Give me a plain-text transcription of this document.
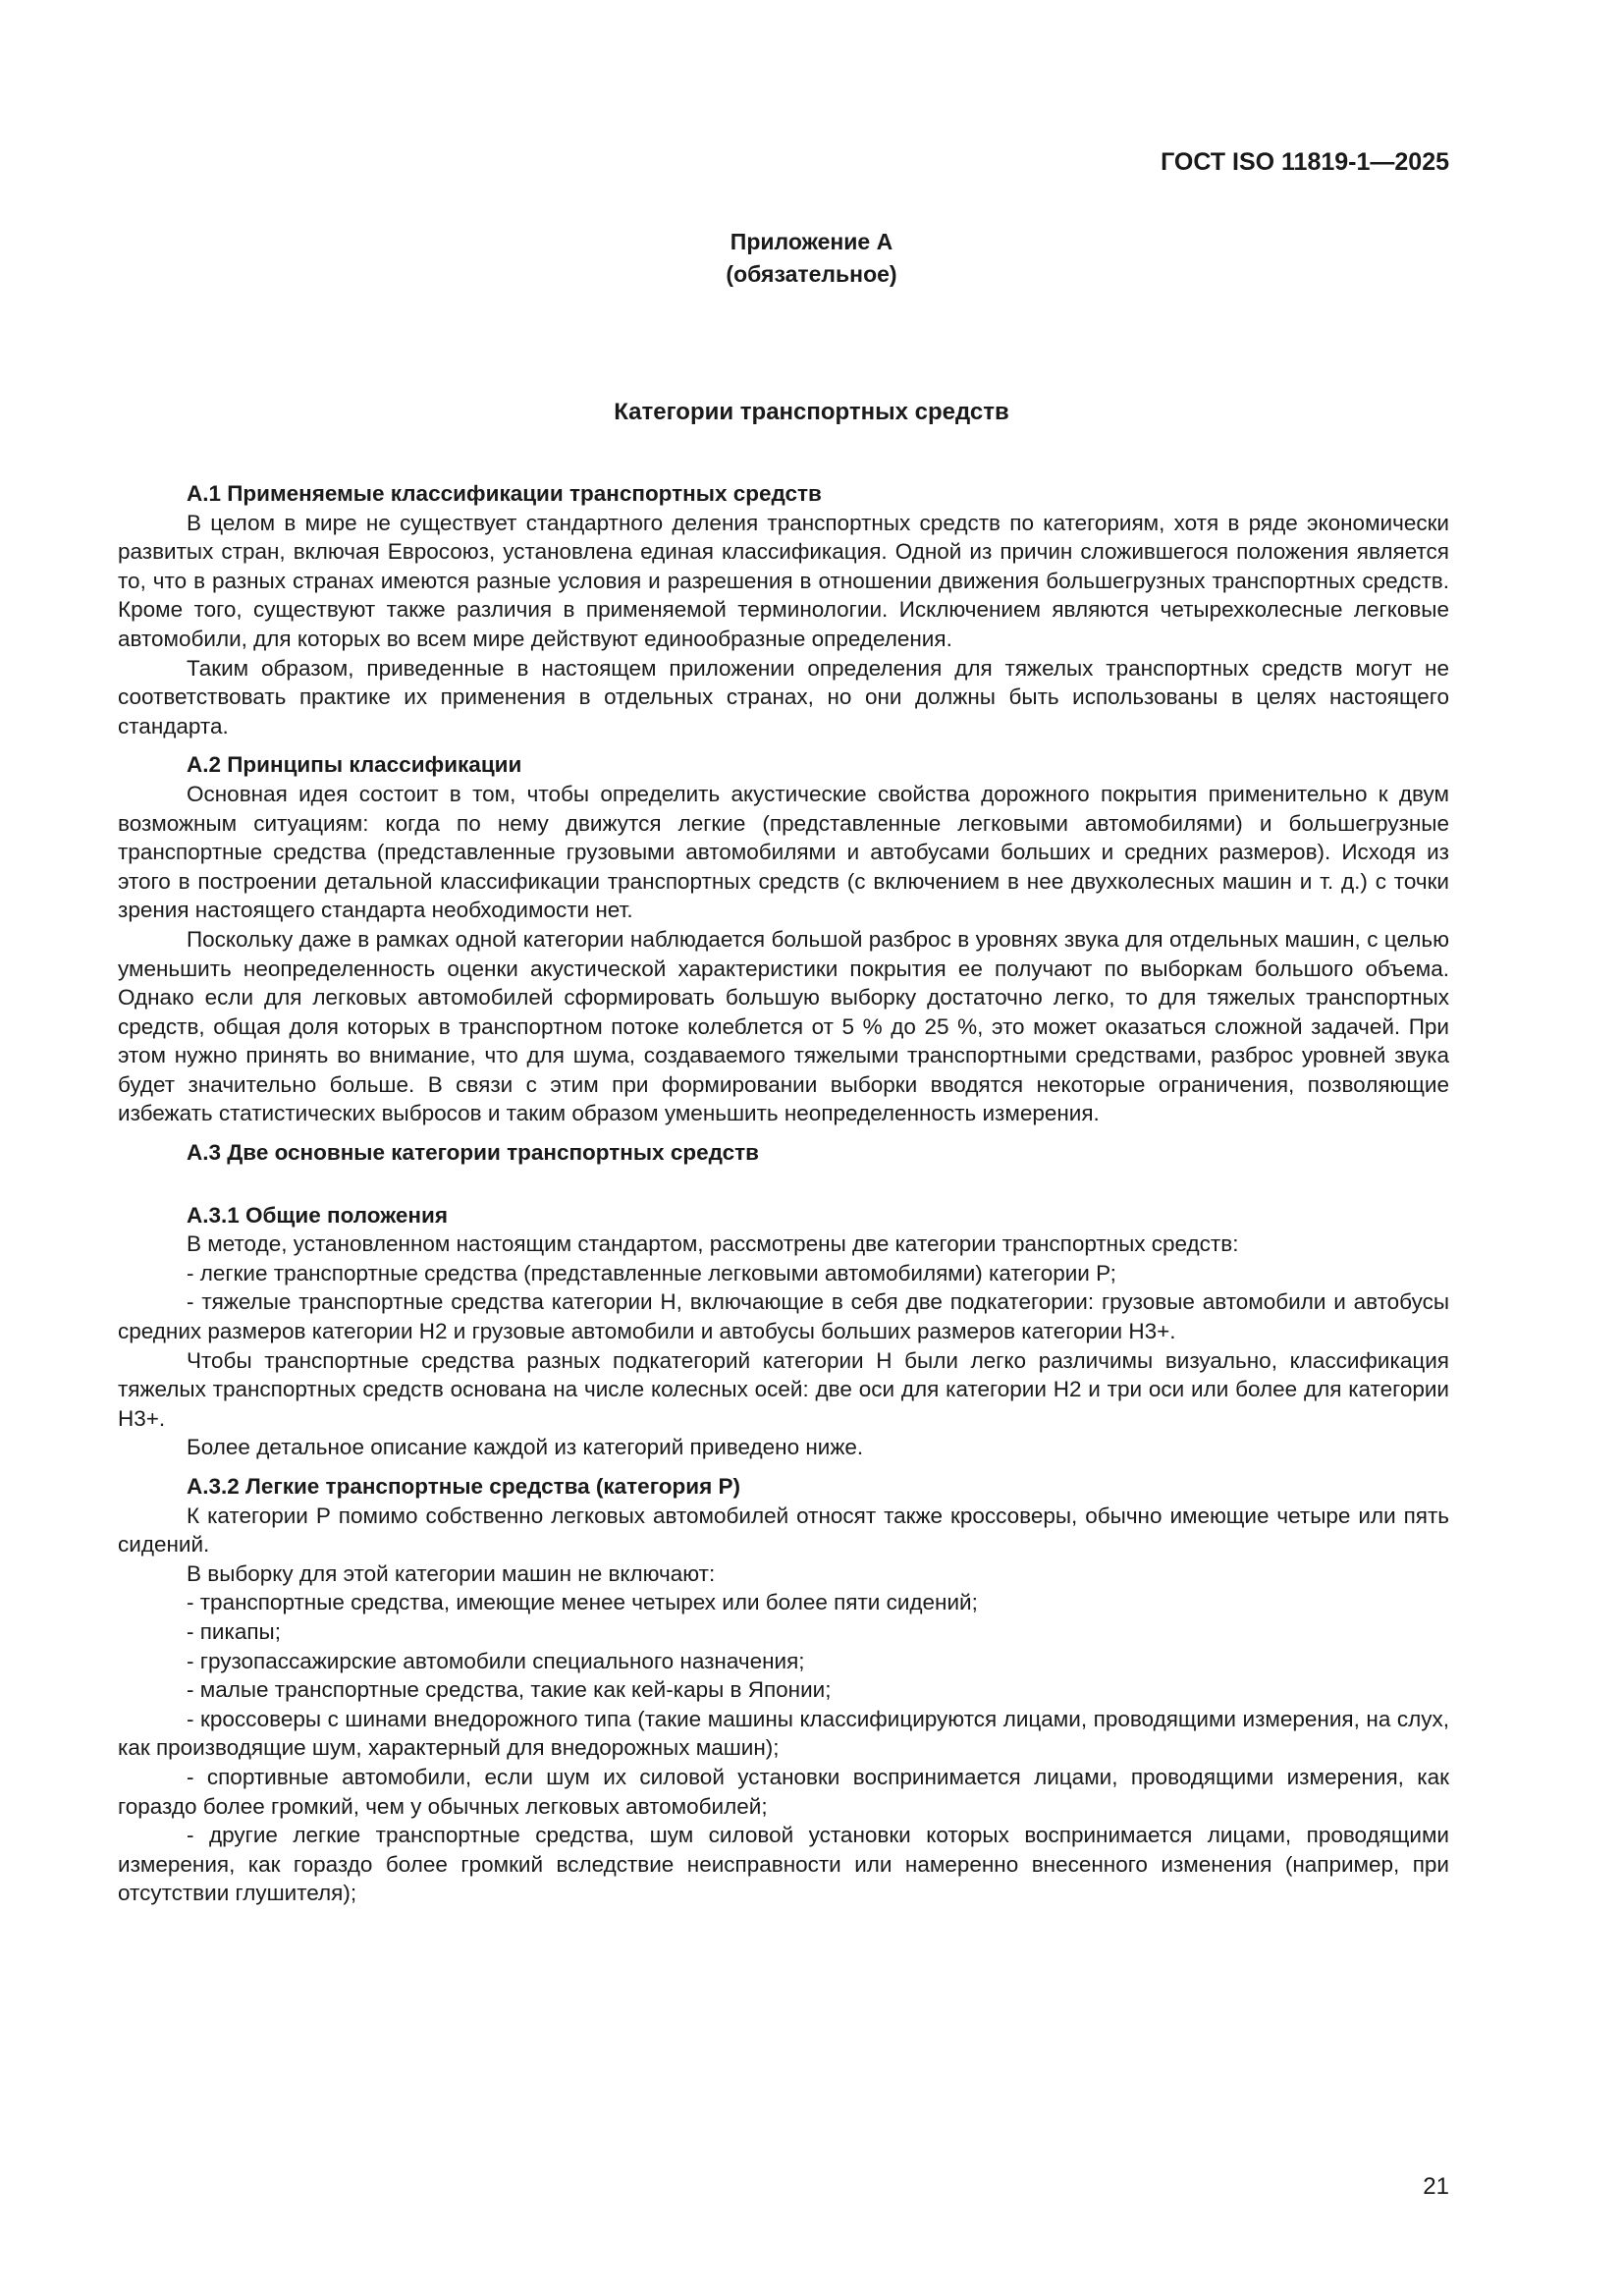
ГОСТ ISO 11819-1—2025
Приложение А
(обязательное)
Категории транспортных средств
А.1 Применяемые классификации транспортных средств

В целом в мире не существует стандартного деления транспортных средств по категориям, хотя в ряде экономически развитых стран, включая Евросоюз, установлена единая классификация. Одной из причин сложившегося положения является то, что в разных странах имеются разные условия и разрешения в отношении движения большегрузных транспортных средств. Кроме того, существуют также различия в применяемой терминологии. Исключением являются четырехколесные легковые автомобили, для которых во всем мире действуют единообразные определения.

Таким образом, приведенные в настоящем приложении определения для тяжелых транспортных средств могут не соответствовать практике их применения в отдельных странах, но они должны быть использованы в целях настоящего стандарта.

А.2 Принципы классификации

Основная идея состоит в том, чтобы определить акустические свойства дорожного покрытия применительно к двум возможным ситуациям: когда по нему движутся легкие (представленные легковыми автомобилями) и большегрузные транспортные средства (представленные грузовыми автомобилями и автобусами больших и средних размеров). Исходя из этого в построении детальной классификации транспортных средств (с включением в нее двухколесных машин и т. д.) с точки зрения настоящего стандарта необходимости нет.

Поскольку даже в рамках одной категории наблюдается большой разброс в уровнях звука для отдельных машин, с целью уменьшить неопределенность оценки акустической характеристики покрытия ее получают по выборкам большого объема. Однако если для легковых автомобилей сформировать большую выборку достаточно легко, то для тяжелых транспортных средств, общая доля которых в транспортном потоке колеблется от 5 % до 25 %, это может оказаться сложной задачей. При этом нужно принять во внимание, что для шума, создаваемого тяжелыми транспортными средствами, разброс уровней звука будет значительно больше. В связи с этим при формировании выборки вводятся некоторые ограничения, позволяющие избежать статистических выбросов и таким образом уменьшить неопределенность измерения.

А.3 Две основные категории транспортных средств
А.3.1 Общие положения

В методе, установленном настоящим стандартом, рассмотрены две категории транспортных средств:

- легкие транспортные средства (представленные легковыми автомобилями) категории Р;

- тяжелые транспортные средства категории Н, включающие в себя две подкатегории: грузовые автомобили и автобусы средних размеров категории Н2 и грузовые автомобили и автобусы больших размеров категории Н3+.

Чтобы транспортные средства разных подкатегорий категории Н были легко различимы визуально, классификация тяжелых транспортных средств основана на числе колесных осей: две оси для категории Н2 и три оси или более для категории Н3+.

Более детальное описание каждой из категорий приведено ниже.

А.3.2 Легкие транспортные средства (категория Р)

К категории Р помимо собственно легковых автомобилей относят также кроссоверы, обычно имеющие четыре или пять сидений.

В выборку для этой категории машин не включают:

- транспортные средства, имеющие менее четырех или более пяти сидений;

- пикапы;

- грузопассажирские автомобили специального назначения;

- малые транспортные средства, такие как кей-кары в Японии;

- кроссоверы с шинами внедорожного типа (такие машины классифицируются лицами, проводящими измерения, на слух, как производящие шум, характерный для внедорожных машин);

- спортивные автомобили, если шум их силовой установки воспринимается лицами, проводящими измерения, как гораздо более громкий, чем у обычных легковых автомобилей;

- другие легкие транспортные средства, шум силовой установки которых воспринимается лицами, проводящими измерения, как гораздо более громкий вследствие неисправности или намеренно внесенного изменения (например, при отсутствии глушителя);

21
